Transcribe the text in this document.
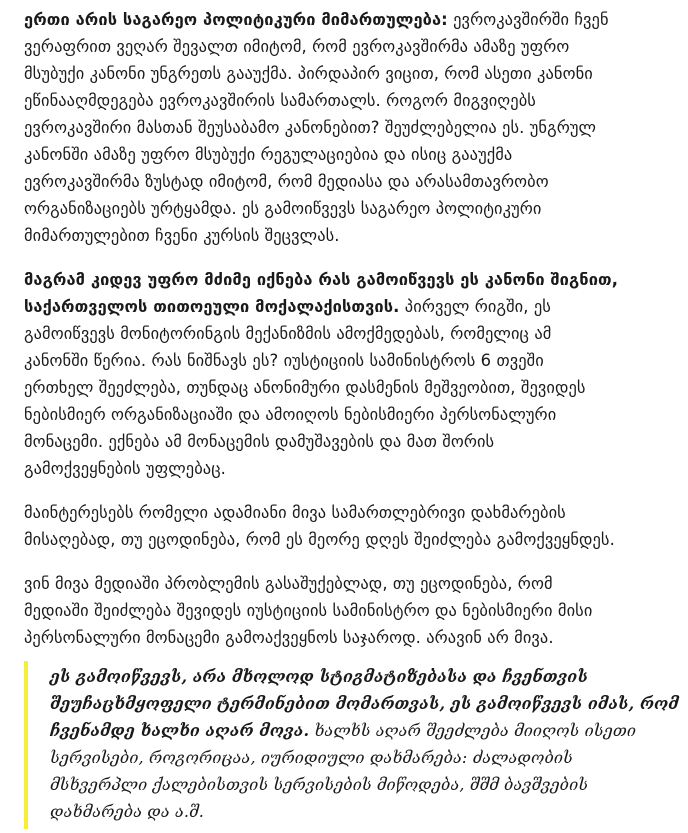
ერთი არის საგარეო პოლიტიკური მიმართულება: ევროკავშირში ჩვენ
ვერაფრით ვეღარ შევალთ იმიტომ, რომ ევროკავშირმა ამაზე უფრო
მსუბუქი კანონი უნგრეთს გააუქმა. პირდაპირ ვიცით, რომ ასეთი კანონი
ეწინააღმდეგება ევროკავშირის სამართალს. როგორ მიგვიღებს
ევროკავშირი მასთან შეუსაბამო კანონებით? შეუძლებელია ეს. უნგრულ
კანონში ამაზე უფრო მსუბუქი რეგულაციებია და ისიც გააუქმა
ევროკავშირმა ზუსტად იმიტომ, რომ მედიასა და არასამთავრობო
ორგანიზაციებს ურტყამდა. ეს გამოიწვევს საგარეო პოლიტიკური
მიმართულებით ჩვენი კურსის შეცვლას.

მაგრამ კიდევ უფრო მძიმე იქნება რას გამოიწვევს ეს კანონი შიგნით,
საქართველოს თითოეული მოქალაქისთვის. პირველ რიგში, ეს
გამოიწვევს მონიტორინგის მექანიზმის ამოქმედებას, რომელიც ამ
კანონში წერია. რას ნიშნავს ეს? იუსტიციის სამინისტროს 6 თვეში
ერთხელ შეეძლება, თუნდაც ანონიმური დასმენის მეშვეობით, შევიდეს
ნებისმიერ ორგანიზაციაში და ამოიღოს ნებისმიერი პერსონალური
მონაცემი. ექნება ამ მონაცემის დამუშავების და მათ შორის
გამოქვეყნების უფლებაც.

მაინტერესებს რომელი ადამიანი მივა სამართლებრივი დახმარების
მისაღებად, თუ ეცოდინება, რომ ეს მეორე დღეს შეიძლება გამოქვეყნდეს.

ვინ მივა მედიაში პრობლემის გასაშუქებლად, თუ ეცოდინება, რომ
მედიაში შეიძლება შევიდეს იუსტიციის სამინისტრო და ნებისმიერი მისი
პერსონალური მონაცემი გამოაქვეყნოს საჯაროდ. არავინ არ მივა.

ეს გამოიწვევს, არა მხოლოდ სტიგმატიზებასა და ჩვენთვის
შეუჩაცხმყოფელი ტერმინებით მომართვას, ეს გამოიწვევს იმას, რომ
ჩვენამდე ხალხი აღარ მოვა. ხალხს აღარ შეეძლება მიიღოს ისეთი
სერვისები, როგორიცაა, იურიდიული დახმარება: ძალადობის
მსხვერპლი ქალებისთვის სერვისების მიწოდება, შშმ ბავშვების
დახმარება და ა.შ.
